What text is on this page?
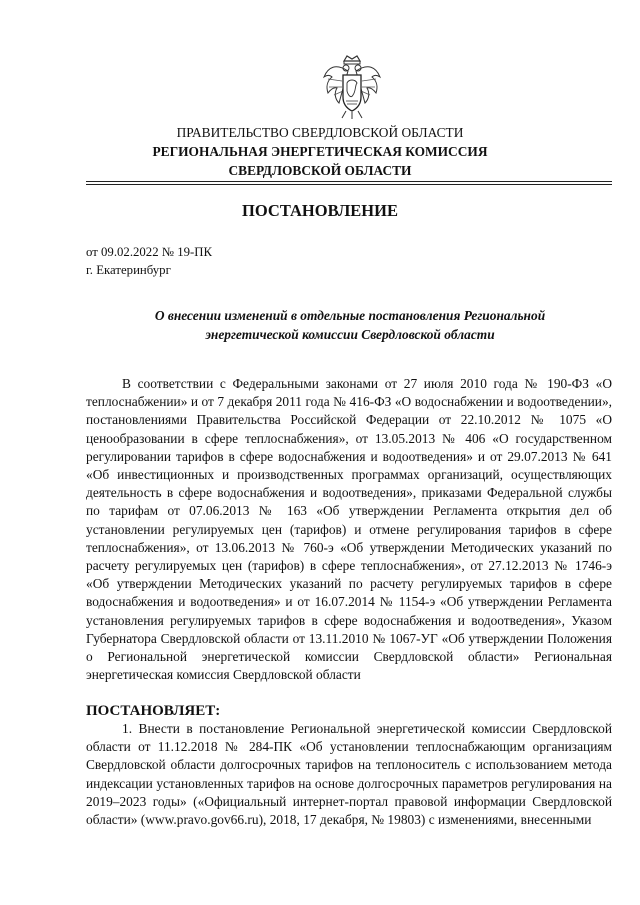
ПРАВИТЕЛЬСТВО СВЕРДЛОВСКОЙ ОБЛАСТИ
РЕГИОНАЛЬНАЯ ЭНЕРГЕТИЧЕСКАЯ КОМИССИЯ
СВЕРДЛОВСКОЙ ОБЛАСТИ
ПОСТАНОВЛЕНИЕ
от 09.02.2022 № 19-ПК
г. Екатеринбург
О внесении изменений в отдельные постановления Региональной
энергетической комиссии Свердловской области

В соответствии с Федеральными законами от 27 июля 2010 года № 190-ФЗ «О теплоснабжении» и от 7 декабря 2011 года № 416-ФЗ «О водоснабжении и водоотведении», постановлениями Правительства Российской Федерации от 22.10.2012 № 1075 «О ценообразовании в сфере теплоснабжения», от 13.05.2013 № 406 «О государственном регулировании тарифов в сфере водоснабжения и водоотведения» и от 29.07.2013 № 641 «Об инвестиционных и производственных программах организаций, осуществляющих деятельность в сфере водоснабжения и водоотведения», приказами Федеральной службы по тарифам от 07.06.2013 № 163 «Об утверждении Регламента открытия дел об установлении регулируемых цен (тарифов) и отмене регулирования тарифов в сфере теплоснабжения», от 13.06.2013 № 760-э «Об утверждении Методических указаний по расчету регулируемых цен (тарифов) в сфере теплоснабжения», от 27.12.2013 № 1746-э «Об утверждении Методических указаний по расчету регулируемых тарифов в сфере водоснабжения и водоотведения» и от 16.07.2014 № 1154-э «Об утверждении Регламента установления регулируемых тарифов в сфере водоснабжения и водоотведения», Указом Губернатора Свердловской области от 13.11.2010 № 1067-УГ «Об утверждении Положения о Региональной энергетической комиссии Свердловской области» Региональная энергетическая комиссия Свердловской области

ПОСТАНОВЛЯЕТ:

1. Внести в постановление Региональной энергетической комиссии Свердловской области от 11.12.2018 № 284-ПК «Об установлении теплоснабжающим организациям Свердловской области долгосрочных тарифов на теплоноситель с использованием метода индексации установленных тарифов на основе долгосрочных параметров регулирования на 2019–2023 годы» («Официальный интернет-портал правовой информации Свердловской области» (www.pravo.gov66.ru), 2018, 17 декабря, № 19803) с изменениями, внесенными
